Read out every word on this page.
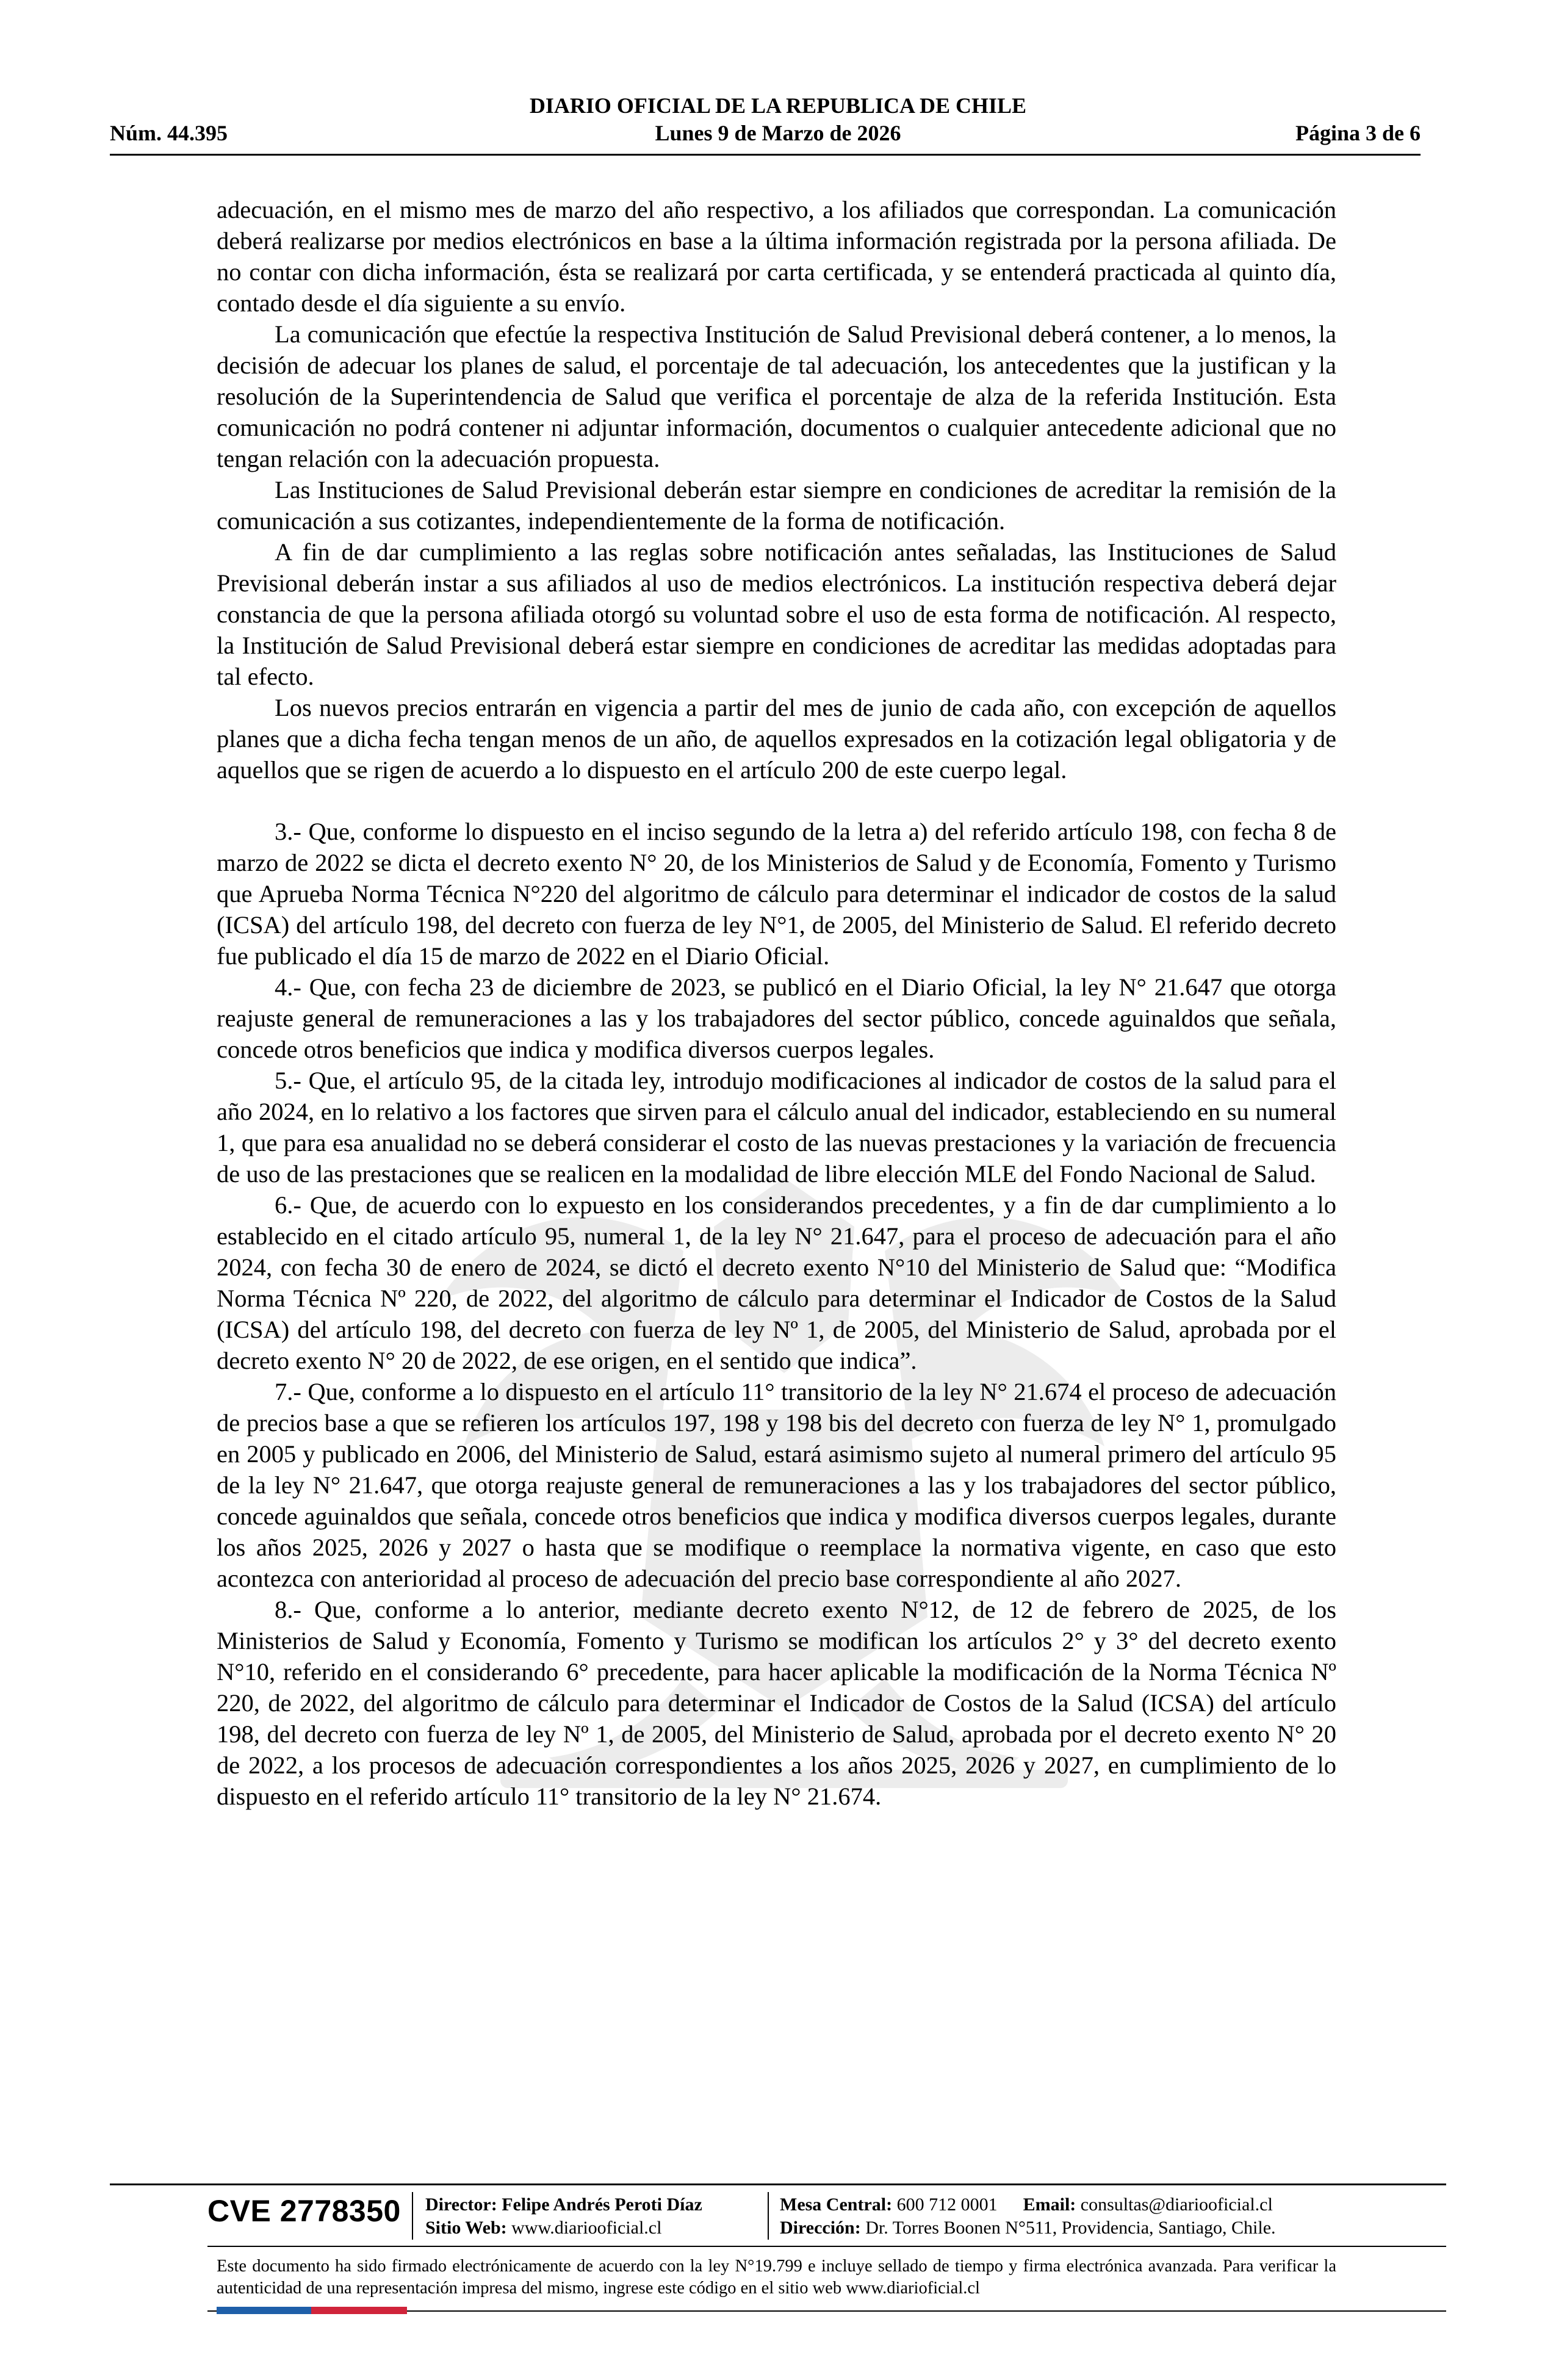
DIARIO OFICIAL DE LA REPUBLICA DE CHILE
Núm. 44.395	Lunes 9 de Marzo de 2026	Página 3 de 6

adecuación, en el mismo mes de marzo del año respectivo, a los afiliados que correspondan. La comunicación deberá realizarse por medios electrónicos en base a la última información registrada por la persona afiliada. De no contar con dicha información, ésta se realizará por carta certificada, y se entenderá practicada al quinto día, contado desde el día siguiente a su envío.

La comunicación que efectúe la respectiva Institución de Salud Previsional deberá contener, a lo menos, la decisión de adecuar los planes de salud, el porcentaje de tal adecuación, los antecedentes que la justifican y la resolución de la Superintendencia de Salud que verifica el porcentaje de alza de la referida Institución. Esta comunicación no podrá contener ni adjuntar información, documentos o cualquier antecedente adicional que no tengan relación con la adecuación propuesta.

Las Instituciones de Salud Previsional deberán estar siempre en condiciones de acreditar la remisión de la comunicación a sus cotizantes, independientemente de la forma de notificación.

A fin de dar cumplimiento a las reglas sobre notificación antes señaladas, las Instituciones de Salud Previsional deberán instar a sus afiliados al uso de medios electrónicos. La institución respectiva deberá dejar constancia de que la persona afiliada otorgó su voluntad sobre el uso de esta forma de notificación. Al respecto, la Institución de Salud Previsional deberá estar siempre en condiciones de acreditar las medidas adoptadas para tal efecto.

Los nuevos precios entrarán en vigencia a partir del mes de junio de cada año, con excepción de aquellos planes que a dicha fecha tengan menos de un año, de aquellos expresados en la cotización legal obligatoria y de aquellos que se rigen de acuerdo a lo dispuesto en el artículo 200 de este cuerpo legal.

3.- Que, conforme lo dispuesto en el inciso segundo de la letra a) del referido artículo 198, con fecha 8 de marzo de 2022 se dicta el decreto exento N° 20, de los Ministerios de Salud y de Economía, Fomento y Turismo que Aprueba Norma Técnica N°220 del algoritmo de cálculo para determinar el indicador de costos de la salud (ICSA) del artículo 198, del decreto con fuerza de ley N°1, de 2005, del Ministerio de Salud. El referido decreto fue publicado el día 15 de marzo de 2022 en el Diario Oficial.

4.- Que, con fecha 23 de diciembre de 2023, se publicó en el Diario Oficial, la ley N° 21.647 que otorga reajuste general de remuneraciones a las y los trabajadores del sector público, concede aguinaldos que señala, concede otros beneficios que indica y modifica diversos cuerpos legales.

5.- Que, el artículo 95, de la citada ley, introdujo modificaciones al indicador de costos de la salud para el año 2024, en lo relativo a los factores que sirven para el cálculo anual del indicador, estableciendo en su numeral 1, que para esa anualidad no se deberá considerar el costo de las nuevas prestaciones y la variación de frecuencia de uso de las prestaciones que se realicen en la modalidad de libre elección MLE del Fondo Nacional de Salud.

6.- Que, de acuerdo con lo expuesto en los considerandos precedentes, y a fin de dar cumplimiento a lo establecido en el citado artículo 95, numeral 1, de la ley N° 21.647, para el proceso de adecuación para el año 2024, con fecha 30 de enero de 2024, se dictó el decreto exento N°10 del Ministerio de Salud que: “Modifica Norma Técnica Nº 220, de 2022, del algoritmo de cálculo para determinar el Indicador de Costos de la Salud (ICSA) del artículo 198, del decreto con fuerza de ley Nº 1, de 2005, del Ministerio de Salud, aprobada por el decreto exento N° 20 de 2022, de ese origen, en el sentido que indica”.

7.- Que, conforme a lo dispuesto en el artículo 11° transitorio de la ley N° 21.674 el proceso de adecuación de precios base a que se refieren los artículos 197, 198 y 198 bis del decreto con fuerza de ley N° 1, promulgado en 2005 y publicado en 2006, del Ministerio de Salud, estará asimismo sujeto al numeral primero del artículo 95 de la ley N° 21.647, que otorga reajuste general de remuneraciones a las y los trabajadores del sector público, concede aguinaldos que señala, concede otros beneficios que indica y modifica diversos cuerpos legales, durante los años 2025, 2026 y 2027 o hasta que se modifique o reemplace la normativa vigente, en caso que esto acontezca con anterioridad al proceso de adecuación del precio base correspondiente al año 2027.

8.- Que, conforme a lo anterior, mediante decreto exento N°12, de 12 de febrero de 2025, de los Ministerios de Salud y Economía, Fomento y Turismo se modifican los artículos 2° y 3° del decreto exento N°10, referido en el considerando 6° precedente, para hacer aplicable la modificación de la Norma Técnica Nº 220, de 2022, del algoritmo de cálculo para determinar el Indicador de Costos de la Salud (ICSA) del artículo 198, del decreto con fuerza de ley Nº 1, de 2005, del Ministerio de Salud, aprobada por el decreto exento N° 20 de 2022, a los procesos de adecuación correspondientes a los años 2025, 2026 y 2027, en cumplimiento de lo dispuesto en el referido artículo 11° transitorio de la ley N° 21.674.

CVE 2778350 Director: Felipe Andrés Peroti Díaz
Sitio Web: www.diariooficial.cl
Mesa Central: 600 712 0001 Email: consultas@diariooficial.cl
Dirección: Dr. Torres Boonen N°511, Providencia, Santiago, Chile.
Este documento ha sido firmado electrónicamente de acuerdo con la ley N°19.799 e incluye sellado de tiempo y firma electrónica avanzada. Para verificar la autenticidad de una representación impresa del mismo, ingrese este código en el sitio web www.diarioficial.cl
